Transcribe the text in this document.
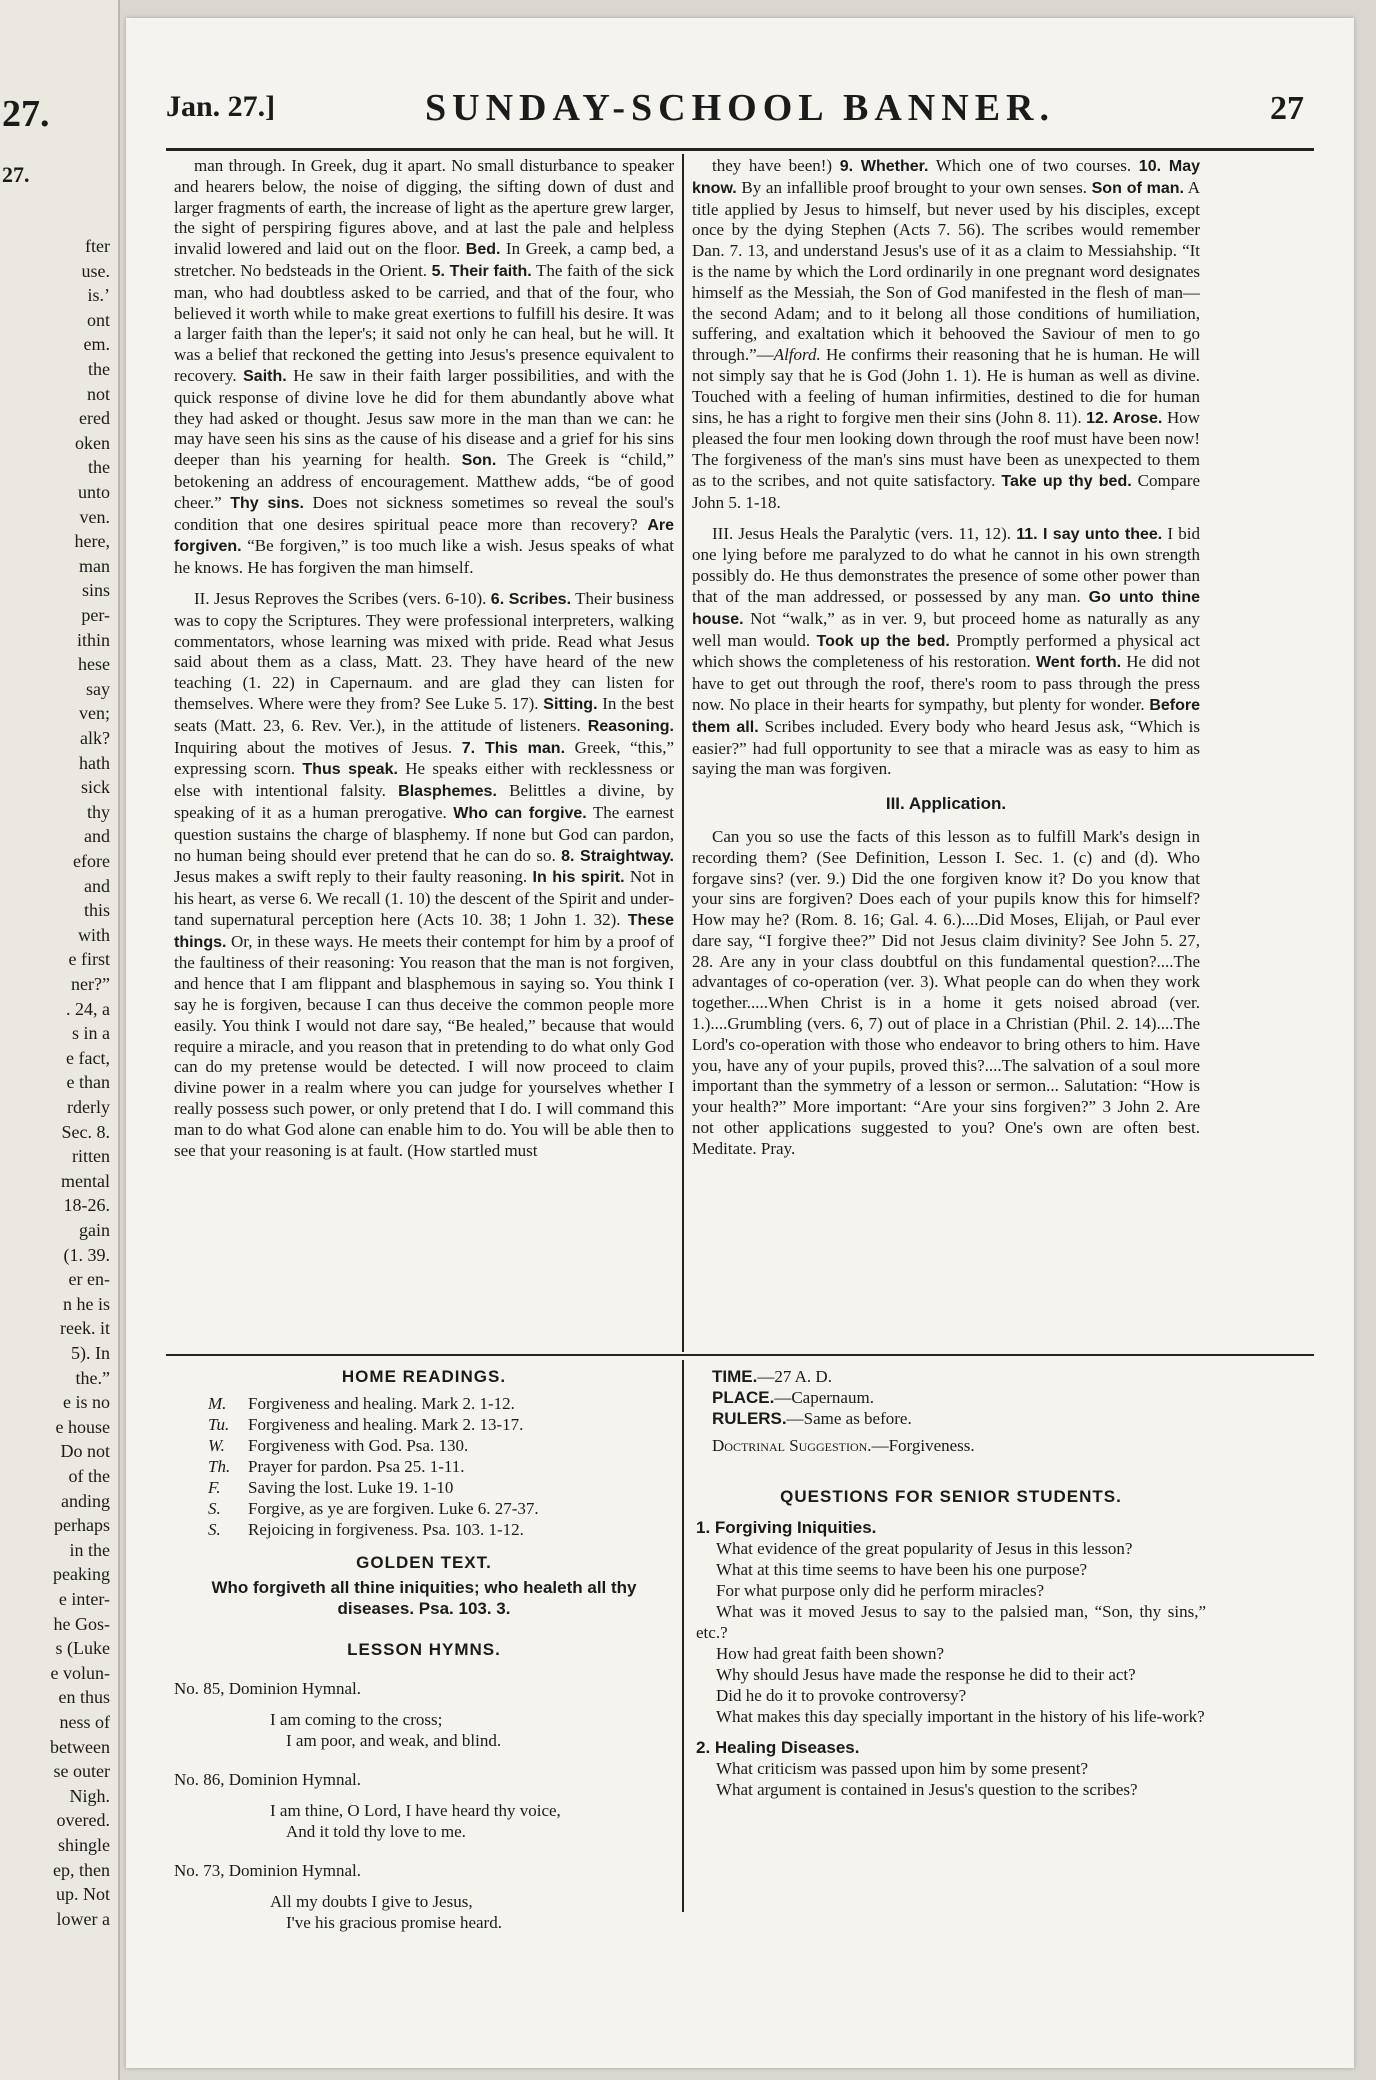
27.
27.
fter
use.
is.’
ont
em.
the
not
ered
oken
the
unto
ven.
here,
man
sins
per-
ithin
hese
say
ven;
alk?
hath
sick
thy
and
efore
and
this
with
e first
ner?”
. 24, a
s in a
e fact,
e than
rderly
Sec. 8.
ritten
mental
18-26.
gain
(1. 39.
er en-
n he is
reek. it
5). In
the.”
e is no
e house
Do not
of the
anding
perhaps
in the
peaking
e inter-
he Gos-
s (Luke
e volun-
en thus
ness of
between
se outer
Nigh.
overed.
shingle
ep, then
up. Not
lower a
Jan. 27.]	SUNDAY-SCHOOL BANNER.	27

man through. In Greek, dug it apart. No small disturbance to speaker and hearers below, the noise of digging, the sifting down of dust and larger fragments of earth, the increase of light as the aperture grew larger, the sight of perspiring figures above, and at last the pale and helpless invalid lowered and laid out on the floor. Bed. In Greek, a camp bed, a stretcher. No bedsteads in the Orient. 5. Their faith. The faith of the sick man, who had doubtless asked to be carried, and that of the four, who believed it worth while to make great exertions to fulfill his desire. It was a larger faith than the leper's; it said not only he can heal, but he will. It was a belief that reckoned the getting into Jesus's presence equivalent to recovery. Saith. He saw in their faith larger possibilities, and with the quick response of divine love he did for them abundantly above what they had asked or thought. Jesus saw more in the man than we can: he may have seen his sins as the cause of his disease and a grief for his sins deeper than his yearning for health. Son. The Greek is “child,” betokening an address of encouragement. Matthew adds, “be of good cheer.” Thy sins. Does not sickness sometimes so reveal the soul's condition that one desires spiritual peace more than recovery? Are forgiven. “Be forgiven,” is too much like a wish. Jesus speaks of what he knows. He has forgiven the man himself.

II. Jesus Reproves the Scribes (vers. 6-10). 6. Scribes. Their business was to copy the Scriptures. They were professional interpreters, walking commentators, whose learning was mixed with pride. Read what Jesus said about them as a class, Matt. 23. They have heard of the new teaching (1. 22) in Capernaum. and are glad they can listen for themselves. Where were they from? See Luke 5. 17). Sitting. In the best seats (Matt. 23, 6. Rev. Ver.), in the attitude of listeners. Reasoning. Inquiring about the motives of Jesus. 7. This man. Greek, “this,” expressing scorn. Thus speak. He speaks either with recklessness or else with intentional falsity. Blasphemes. Belittles a divine, by speaking of it as a human prerogative. Who can forgive. The earnest question sustains the charge of blasphemy. If none but God can pardon, no human being should ever pretend that he can do so. 8. Straightway. Jesus makes a swift reply to their faulty reasoning. In his spirit. Not in his heart, as verse 6. We recall (1. 10) the descent of the Spirit and under-tand supernatural perception here (Acts 10. 38; 1 John 1. 32). These things. Or, in these ways. He meets their contempt for him by a proof of the faultiness of their reasoning: You reason that the man is not forgiven, and hence that I am flippant and blasphemous in saying so. You think I say he is forgiven, because I can thus deceive the common people more easily. You think I would not dare say, “Be healed,” because that would require a miracle, and you reason that in pretending to do what only God can do my pretense would be detected. I will now proceed to claim divine power in a realm where you can judge for yourselves whether I really possess such power, or only pretend that I do. I will command this man to do what God alone can enable him to do. You will be able then to see that your reasoning is at fault. (How startled must

they have been!) 9. Whether. Which one of two courses. 10. May know. By an infallible proof brought to your own senses. Son of man. A title applied by Jesus to himself, but never used by his disciples, except once by the dying Stephen (Acts 7. 56). The scribes would remember Dan. 7. 13, and understand Jesus's use of it as a claim to Messiahship. “It is the name by which the Lord ordinarily in one pregnant word designates himself as the Messiah, the Son of God manifested in the flesh of man—the second Adam; and to it belong all those conditions of humiliation, suffering, and exaltation which it behooved the Saviour of men to go through.”—Alford. He confirms their reasoning that he is human. He will not simply say that he is God (John 1. 1). He is human as well as divine. Touched with a feeling of human infirmities, destined to die for human sins, he has a right to forgive men their sins (John 8. 11). 12. Arose. How pleased the four men looking down through the roof must have been now! The forgiveness of the man's sins must have been as unexpected to them as to the scribes, and not quite satisfactory. Take up thy bed. Compare John 5. 1-18.

III. Jesus Heals the Paralytic (vers. 11, 12). 11. I say unto thee. I bid one lying before me paralyzed to do what he cannot in his own strength possibly do. He thus demonstrates the presence of some other power than that of the man addressed, or possessed by any man. Go unto thine house. Not “walk,” as in ver. 9, but proceed home as naturally as any well man would. Took up the bed. Promptly performed a physical act which shows the completeness of his restoration. Went forth. He did not have to get out through the roof, there's room to pass through the press now. No place in their hearts for sympathy, but plenty for wonder. Before them all. Scribes included. Every body who heard Jesus ask, “Which is easier?” had full opportunity to see that a miracle was as easy to him as saying the man was forgiven.

III. Application.

Can you so use the facts of this lesson as to fulfill Mark's design in recording them? (See Definition, Lesson I. Sec. 1. (c) and (d). Who forgave sins? (ver. 9.) Did the one forgiven know it? Do you know that your sins are forgiven? Does each of your pupils know this for himself? How may he? (Rom. 8. 16; Gal. 4. 6.)....Did Moses, Elijah, or Paul ever dare say, “I forgive thee?” Did not Jesus claim divinity? See John 5. 27, 28. Are any in your class doubtful on this fundamental question?....The advantages of co-operation (ver. 3). What people can do when they work together.....When Christ is in a home it gets noised abroad (ver. 1.)....Grumbling (vers. 6, 7) out of place in a Christian (Phil. 2. 14)....The Lord's co-operation with those who endeavor to bring others to him. Have you, have any of your pupils, proved this?....The salvation of a soul more important than the symmetry of a lesson or sermon... Salutation: “How is your health?” More important: “Are your sins forgiven?” 3 John 2. Are not other applications suggested to you? One's own are often best. Meditate. Pray.

HOME READINGS.
M.	Forgiveness and healing. Mark 2. 1-12.
Tu.	Forgiveness and healing. Mark 2. 13-17.
W.	Forgiveness with God. Psa. 130.
Th.	Prayer for pardon. Psa 25. 1-11.
F.	Saving the lost. Luke 19. 1-10
S.	Forgive, as ye are forgiven. Luke 6. 27-37.
S.	Rejoicing in forgiveness. Psa. 103. 1-12.
GOLDEN TEXT.
Who forgiveth all thine iniquities; who healeth all thy diseases. Psa. 103. 3.
LESSON HYMNS.
No. 85, Dominion Hymnal.
I am coming to the cross;
I am poor, and weak, and blind.
No. 86, Dominion Hymnal.
I am thine, O Lord, I have heard thy voice,
And it told thy love to me.
No. 73, Dominion Hymnal.
All my doubts I give to Jesus,
I've his gracious promise heard.
TIME.—27 A. D.
PLACE.—Capernaum.
RULERS.—Same as before.
Doctrinal Suggestion.—Forgiveness.
QUESTIONS FOR SENIOR STUDENTS.
1. Forgiving Iniquities.

What evidence of the great popularity of Jesus in this lesson?

What at this time seems to have been his one purpose?

For what purpose only did he perform miracles?

What was it moved Jesus to say to the palsied man, “Son, thy sins,” etc.?

How had great faith been shown?

Why should Jesus have made the response he did to their act?

Did he do it to provoke controversy?

What makes this day specially important in the history of his life-work?

2. Healing Diseases.

What criticism was passed upon him by some present?

What argument is contained in Jesus's question to the scribes?
